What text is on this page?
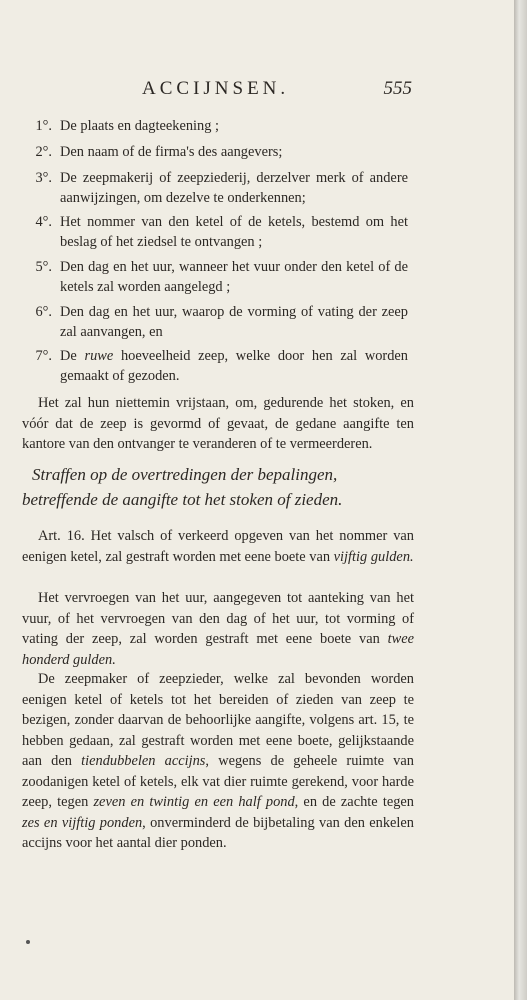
ACCIJNSEN.	555
1°. De plaats en dagteekening ;
2°. Den naam of de firma's des aangevers;
3°. De zeepmakerij of zeepziederij, derzelver merk of andere aanwijzingen, om dezelve te onderkennen;
4°. Het nommer van den ketel of de ketels, bestemd om het beslag of het ziedsel te ontvangen ;
5°. Den dag en het uur, wanneer het vuur onder den ketel of de ketels zal worden aangelegd ;
6°. Den dag en het uur, waarop de vorming of vating der zeep zal aanvangen, en
7°. De ruwe hoeveelheid zeep, welke door hen zal worden gemaakt of gezoden.
Het zal hun niettemin vrijstaan, om, gedurende het stoken, en vóór dat de zeep is gevormd of gevaat, de gedane aangifte ten kantore van den ontvanger te veranderen of te vermeerderen.
Straffen op de overtredingen der bepalingen, betreffende de aangifte tot het stoken of zieden.
Art. 16. Het valsch of verkeerd opgeven van het nommer van eenigen ketel, zal gestraft worden met eene boete van vijftig gulden.
Het vervroegen van het uur, aangegeven tot aanteking van het vuur, of het vervroegen van den dag of het uur, tot vorming of vating der zeep, zal worden gestraft met eene boete van twee honderd gulden.
De zeepmaker of zeepzieder, welke zal bevonden worden eenigen ketel of ketels tot het bereiden of zieden van zeep te bezigen, zonder daarvan de behoorlijke aangifte, volgens art. 15, te hebben gedaan, zal gestraft worden met eene boete, gelijkstaande aan den tiendubbelen accijns, wegens de geheele ruimte van zoodanigen ketel of ketels, elk vat dier ruimte gerekend, voor harde zeep, tegen zeven en twintig en een half pond, en de zachte tegen zes en vijftig ponden, onverminderd de bijbetaling van den enkelen accijns voor het aantal dier ponden.
